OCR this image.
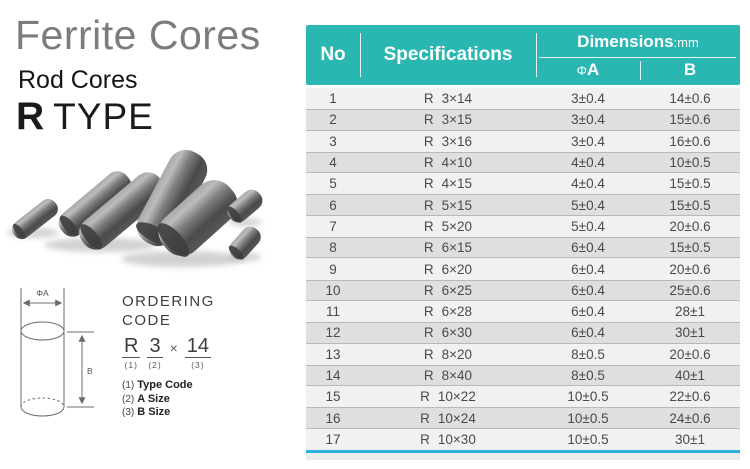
Ferrite Cores
Rod Cores
R TYPE
ΦA
B
ORDERING
CODE
R
(1)
3
(2)
× 14
(3)
(1) Type Code
(2) A Size
(3) B Size
No	Specifications
Dimensions:mm
ΦA	B
1	R 3×14	3±0.4	14±0.6
2	R 3×15	3±0.4	15±0.6
3	R 3×16	3±0.4	16±0.6
4	R 4×10	4±0.4	10±0.5
5	R 4×15	4±0.4	15±0.5
6	R 5×15	5±0.4	15±0.5
7	R 5×20	5±0.4	20±0.6
8	R 6×15	6±0.4	15±0.5
9	R 6×20	6±0.4	20±0.6
10	R 6×25	6±0.4	25±0.6
11	R 6×28	6±0.4	28±1
12	R 6×30	6±0.4	30±1
13	R 8×20	8±0.5	20±0.6
14	R 8×40	8±0.5	40±1
15	R 10×22	10±0.5	22±0.6
16	R 10×24	10±0.5	24±0.6
17	R 10×30	10±0.5	30±1
